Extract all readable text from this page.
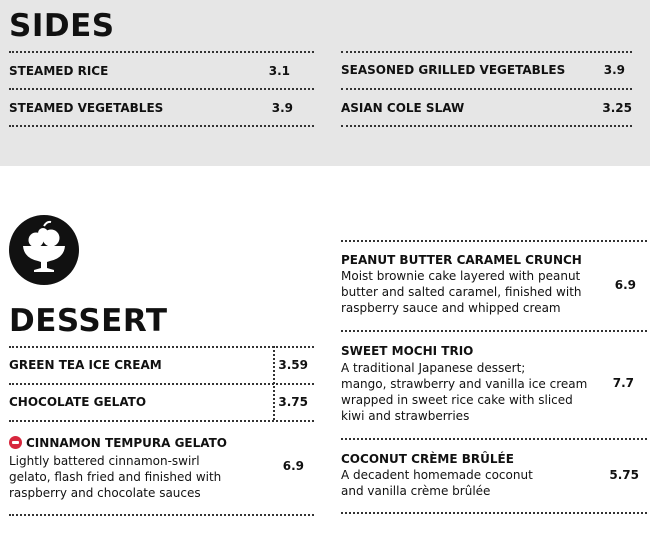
SIDES
STEAMED RICE	3.1	SEASONED GRILLED VEGETABLES	3.9
STEAMED VEGETABLES	3.9	ASIAN COLE SLAW	3.25
DESSERT
GREEN TEA ICE CREAM	3.59
CHOCOLATE GELATO	3.75
CINNAMON TEMPURA GELATO
Lightly battered cinnamon-swirl
gelato, flash fried and finished with
raspberry and chocolate sauces
6.9
PEANUT BUTTER CARAMEL CRUNCH
Moist brownie cake layered with peanut
butter and salted caramel, finished with
raspberry sauce and whipped cream
6.9
SWEET MOCHI TRIO
A traditional Japanese dessert;
mango, strawberry and vanilla ice cream
wrapped in sweet rice cake with sliced
kiwi and strawberries
7.7
COCONUT CRÈME BRÛLÉE
A decadent homemade coconut
and vanilla crème brûlée
5.75
